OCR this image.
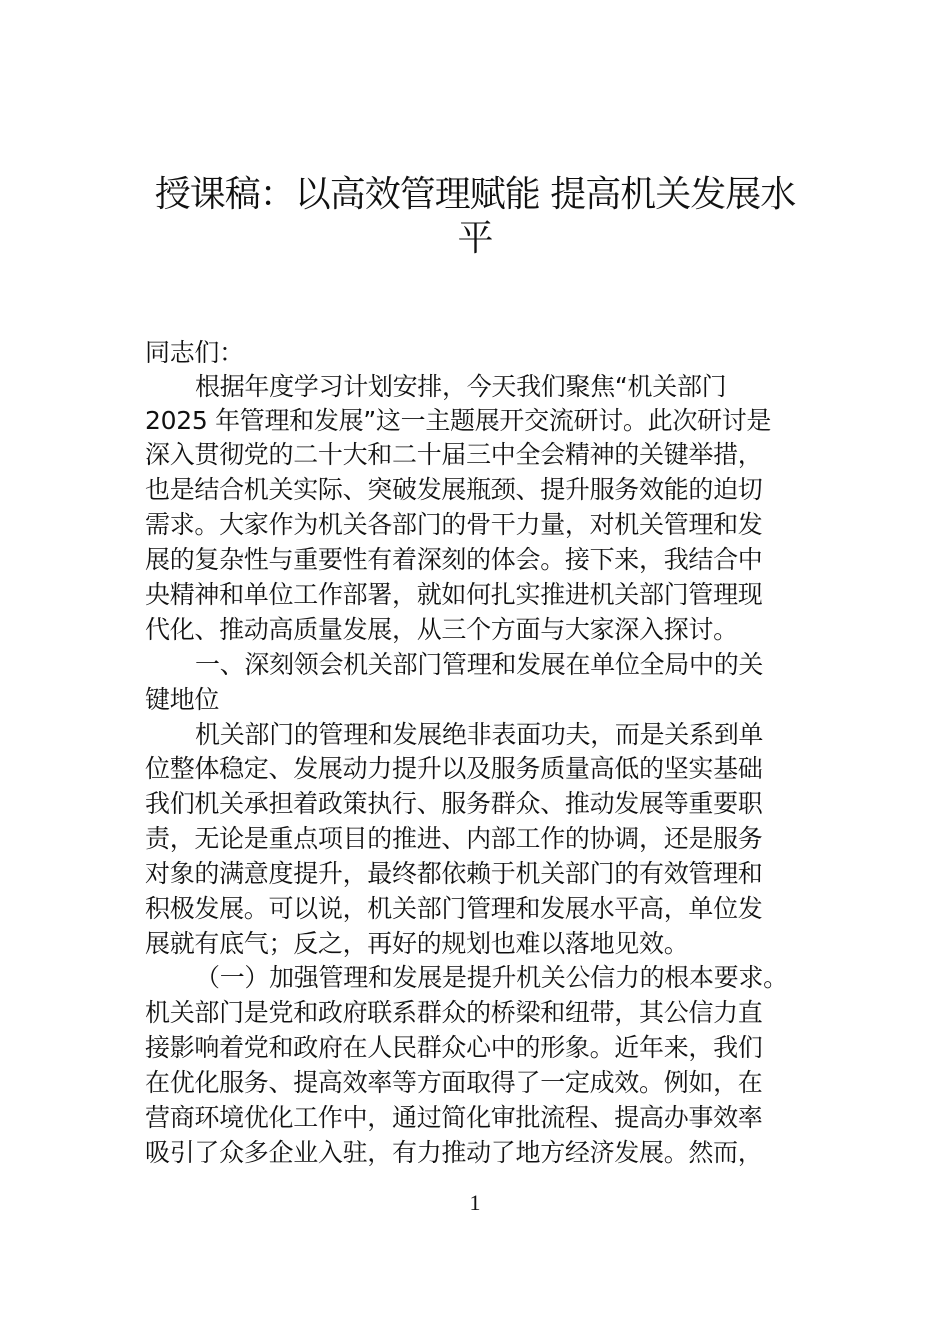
授课稿：以高效管理赋能 提高机关发展水
平
同志们：
根据年度学习计划安排，今天我们聚焦“机关部门
2025 年管理和发展”这一主题展开交流研讨。此次研讨是
深入贯彻党的二十大和二十届三中全会精神的关键举措，
也是结合机关实际、突破发展瓶颈、提升服务效能的迫切
需求。大家作为机关各部门的骨干力量，对机关管理和发
展的复杂性与重要性有着深刻的体会。接下来，我结合中
央精神和单位工作部署，就如何扎实推进机关部门管理现
代化、推动高质量发展，从三个方面与大家深入探讨。
一、深刻领会机关部门管理和发展在单位全局中的关
键地位
机关部门的管理和发展绝非表面功夫，而是关系到单
位整体稳定、发展动力提升以及服务质量高低的坚实基础
我们机关承担着政策执行、服务群众、推动发展等重要职
责，无论是重点项目的推进、内部工作的协调，还是服务
对象的满意度提升，最终都依赖于机关部门的有效管理和
积极发展。可以说，机关部门管理和发展水平高，单位发
展就有底气；反之，再好的规划也难以落地见效。
（一）加强管理和发展是提升机关公信力的根本要求。
机关部门是党和政府联系群众的桥梁和纽带，其公信力直
接影响着党和政府在人民群众心中的形象。近年来，我们
在优化服务、提高效率等方面取得了一定成效。例如，在
营商环境优化工作中，通过简化审批流程、提高办事效率
吸引了众多企业入驻，有力推动了地方经济发展。然而，
1
